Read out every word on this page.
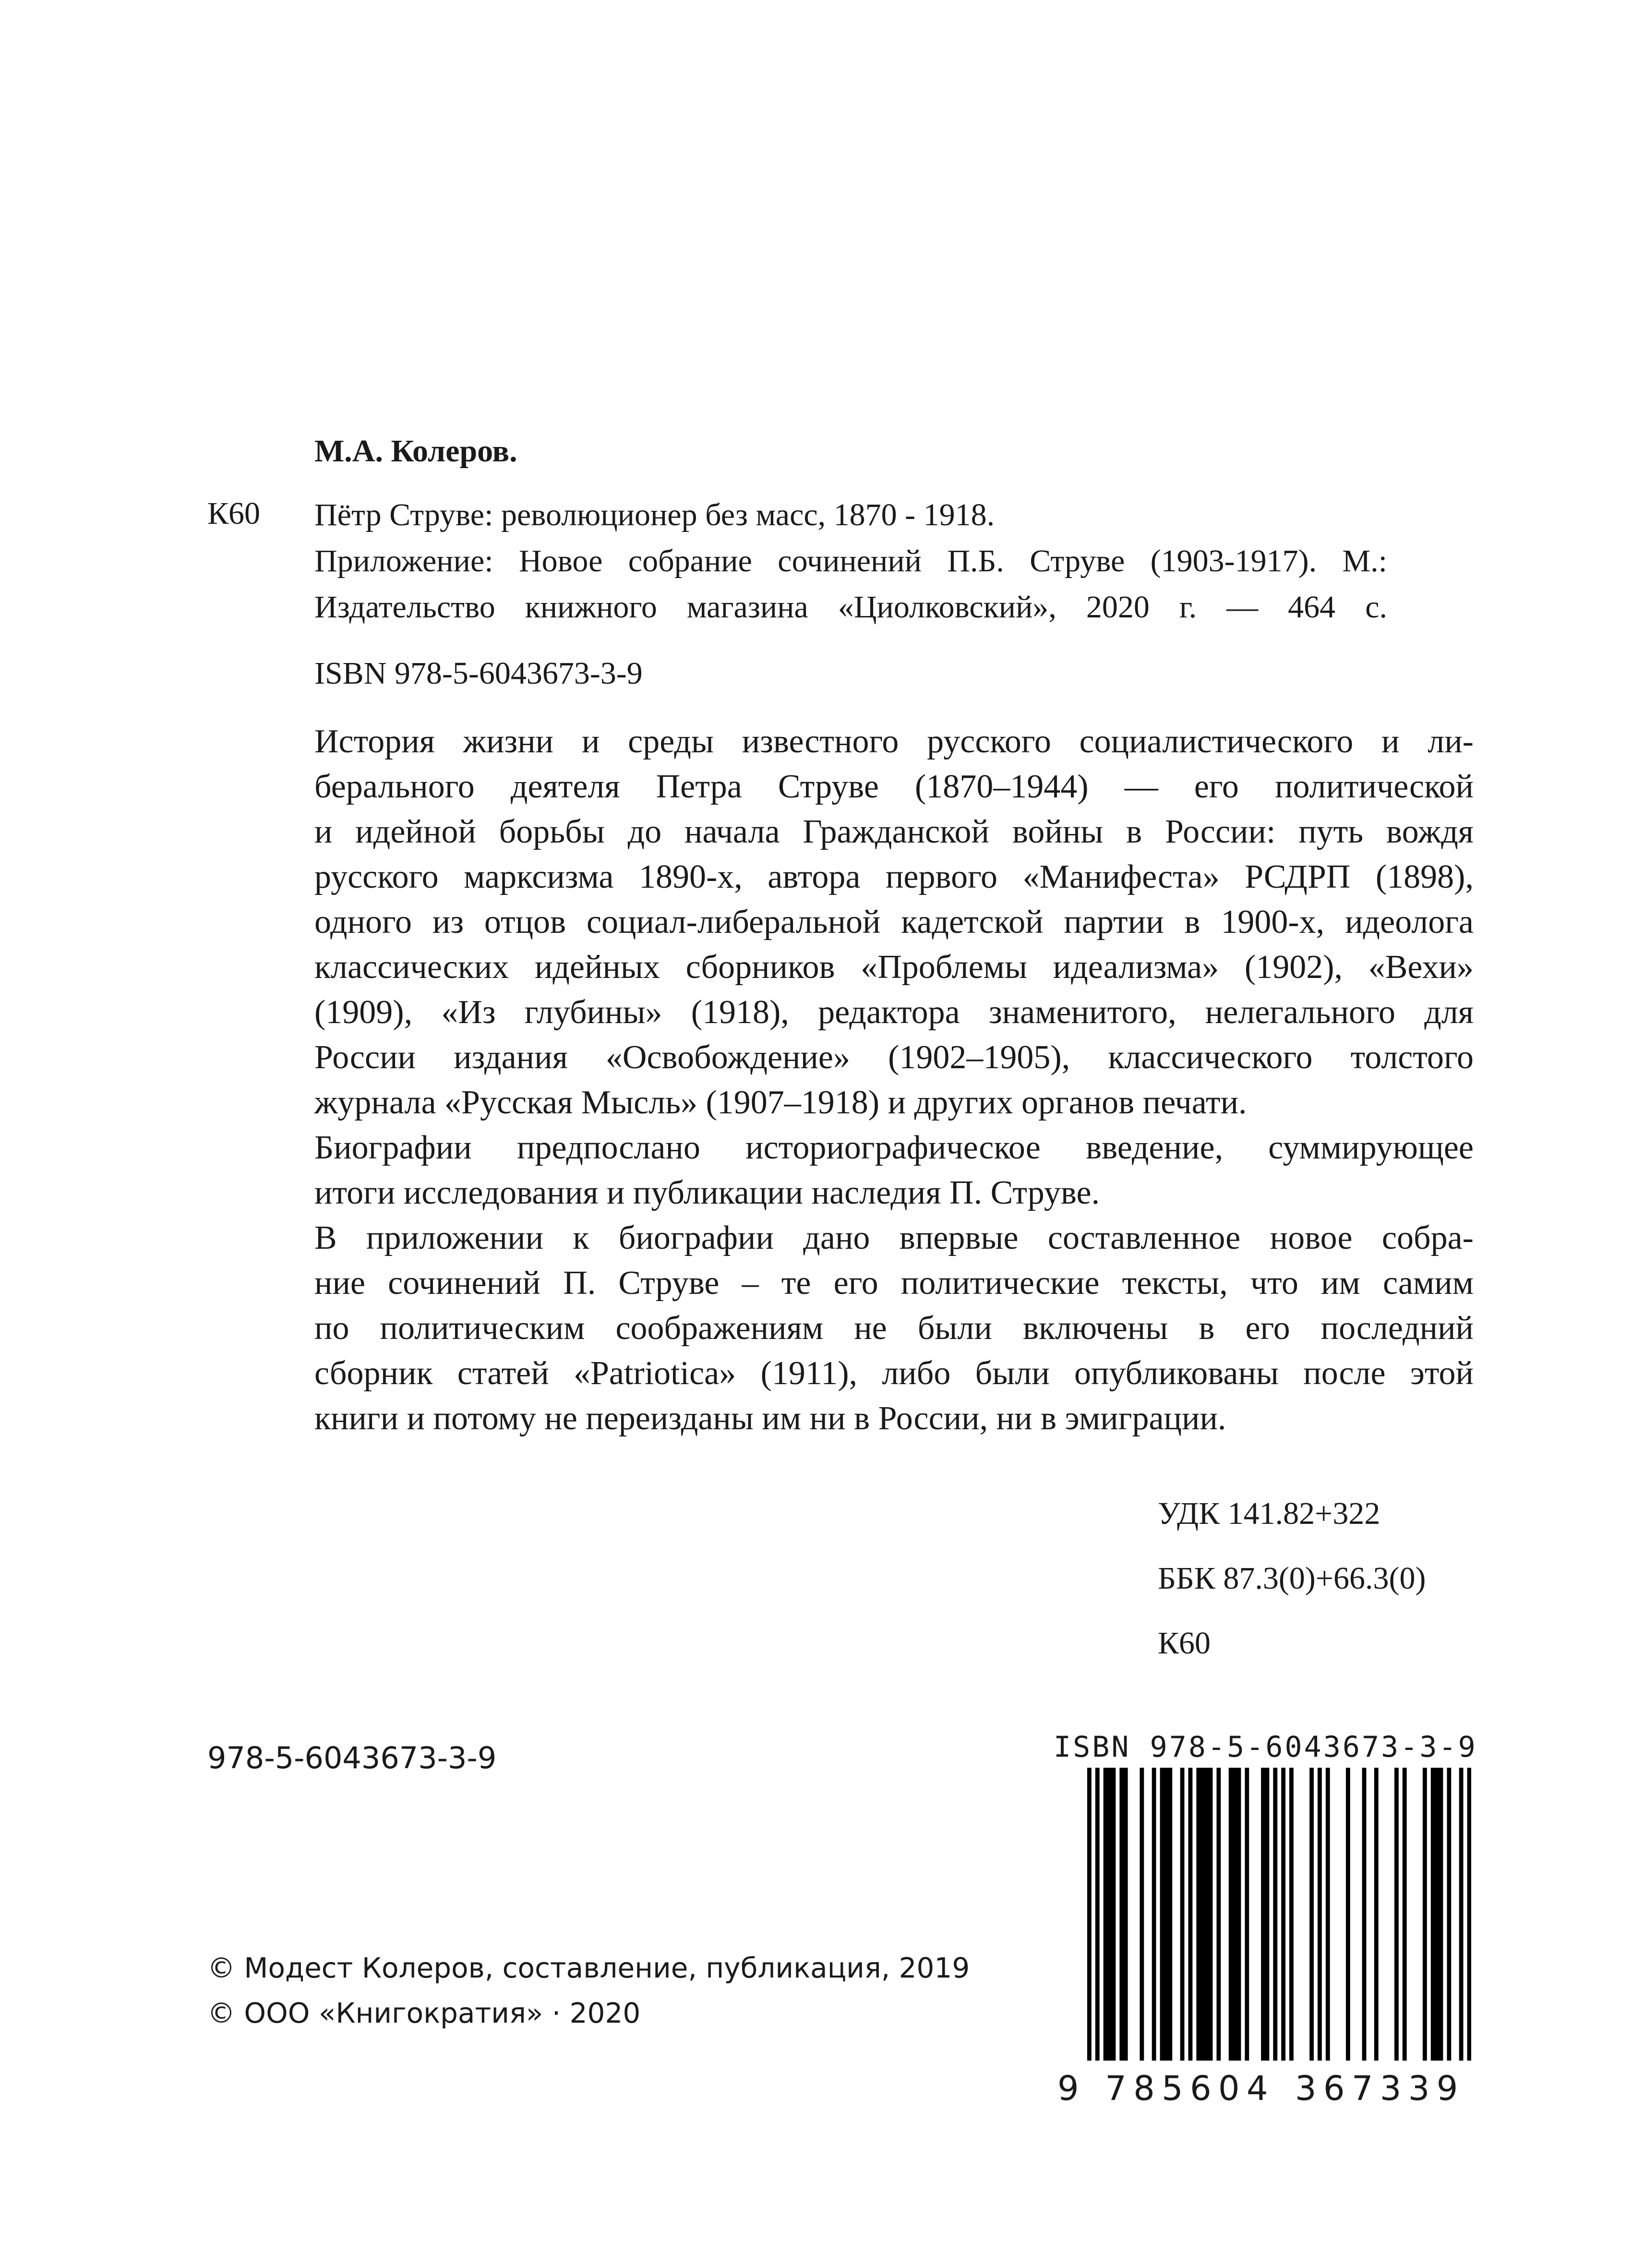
М.А. Колеров.
К60 Пётр Струве: революционер без масс, 1870 - 1918.
Приложение: Новое собрание сочинений П.Б. Струве (1903-1917). М.:
Издательство книжного магазина «Циолковский», 2020 г. — 464 с.
ISBN 978-5-6043673-3-9
История жизни и среды известного русского социалистического и ли-
берального деятеля Петра Струве (1870–1944) — его политической
и идейной борьбы до начала Гражданской войны в России: путь вождя
русского марксизма 1890-х, автора первого «Манифеста» РСДРП (1898),
одного из отцов социал-либеральной кадетской партии в 1900-х, идеолога
классических идейных сборников «Проблемы идеализма» (1902), «Вехи»
(1909), «Из глубины» (1918), редактора знаменитого, нелегального для
России издания «Освобождение» (1902–1905), классического толстого
журнала «Русская Мысль» (1907–1918) и других органов печати.
Биографии предпослано историографическое введение, суммирующее
итоги исследования и публикации наследия П. Струве.
В приложении к биографии дано впервые составленное новое собра-
ние сочинений П. Струве – те его политические тексты, что им самим
по политическим соображениям не были включены в его последний
сборник статей «Patriotica» (1911), либо были опубликованы после этой
книги и потому не переизданы им ни в России, ни в эмиграции.
УДК 141.82+322
ББК 87.3(0)+66.3(0)
К60
978-5-6043673-3-9
© Модест Колеров, составление, публикация, 2019
© ООО «Книгократия» · 2020
ISBN 978-5-6043673-3-9
9 7 8 5 6 0 4 3 6 7 3 3 9
